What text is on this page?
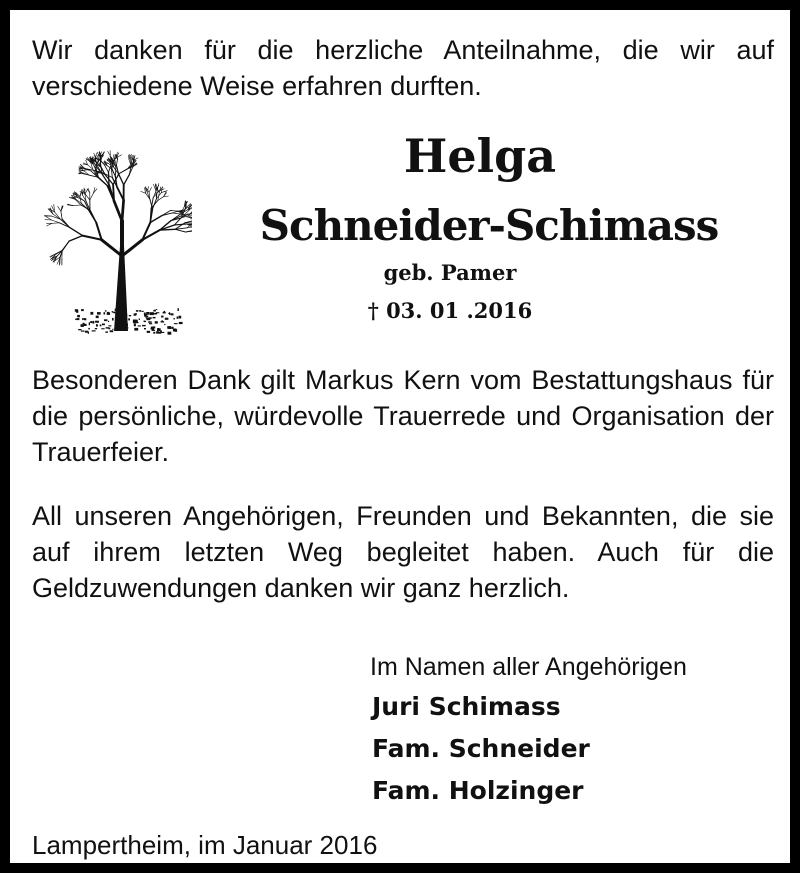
Wir danken für die herzliche Anteilnahme, die wir auf verschiedene Weise erfahren durften.

Helga
Schneider-Schimass
geb. Pamer
† 03. 01 .2016

Besonderen Dank gilt Markus Kern vom Bestattungshaus für die persönliche, würdevolle Trauerrede und Organisation der Trauerfeier.

All unseren Angehörigen, Freunden und Bekannten, die sie auf ihrem letzten Weg begleitet haben. Auch für die Geldzuwendungen danken wir ganz herzlich.

Im Namen aller Angehörigen
Juri Schimass
Fam. Schneider
Fam. Holzinger
Lampertheim, im Januar 2016
